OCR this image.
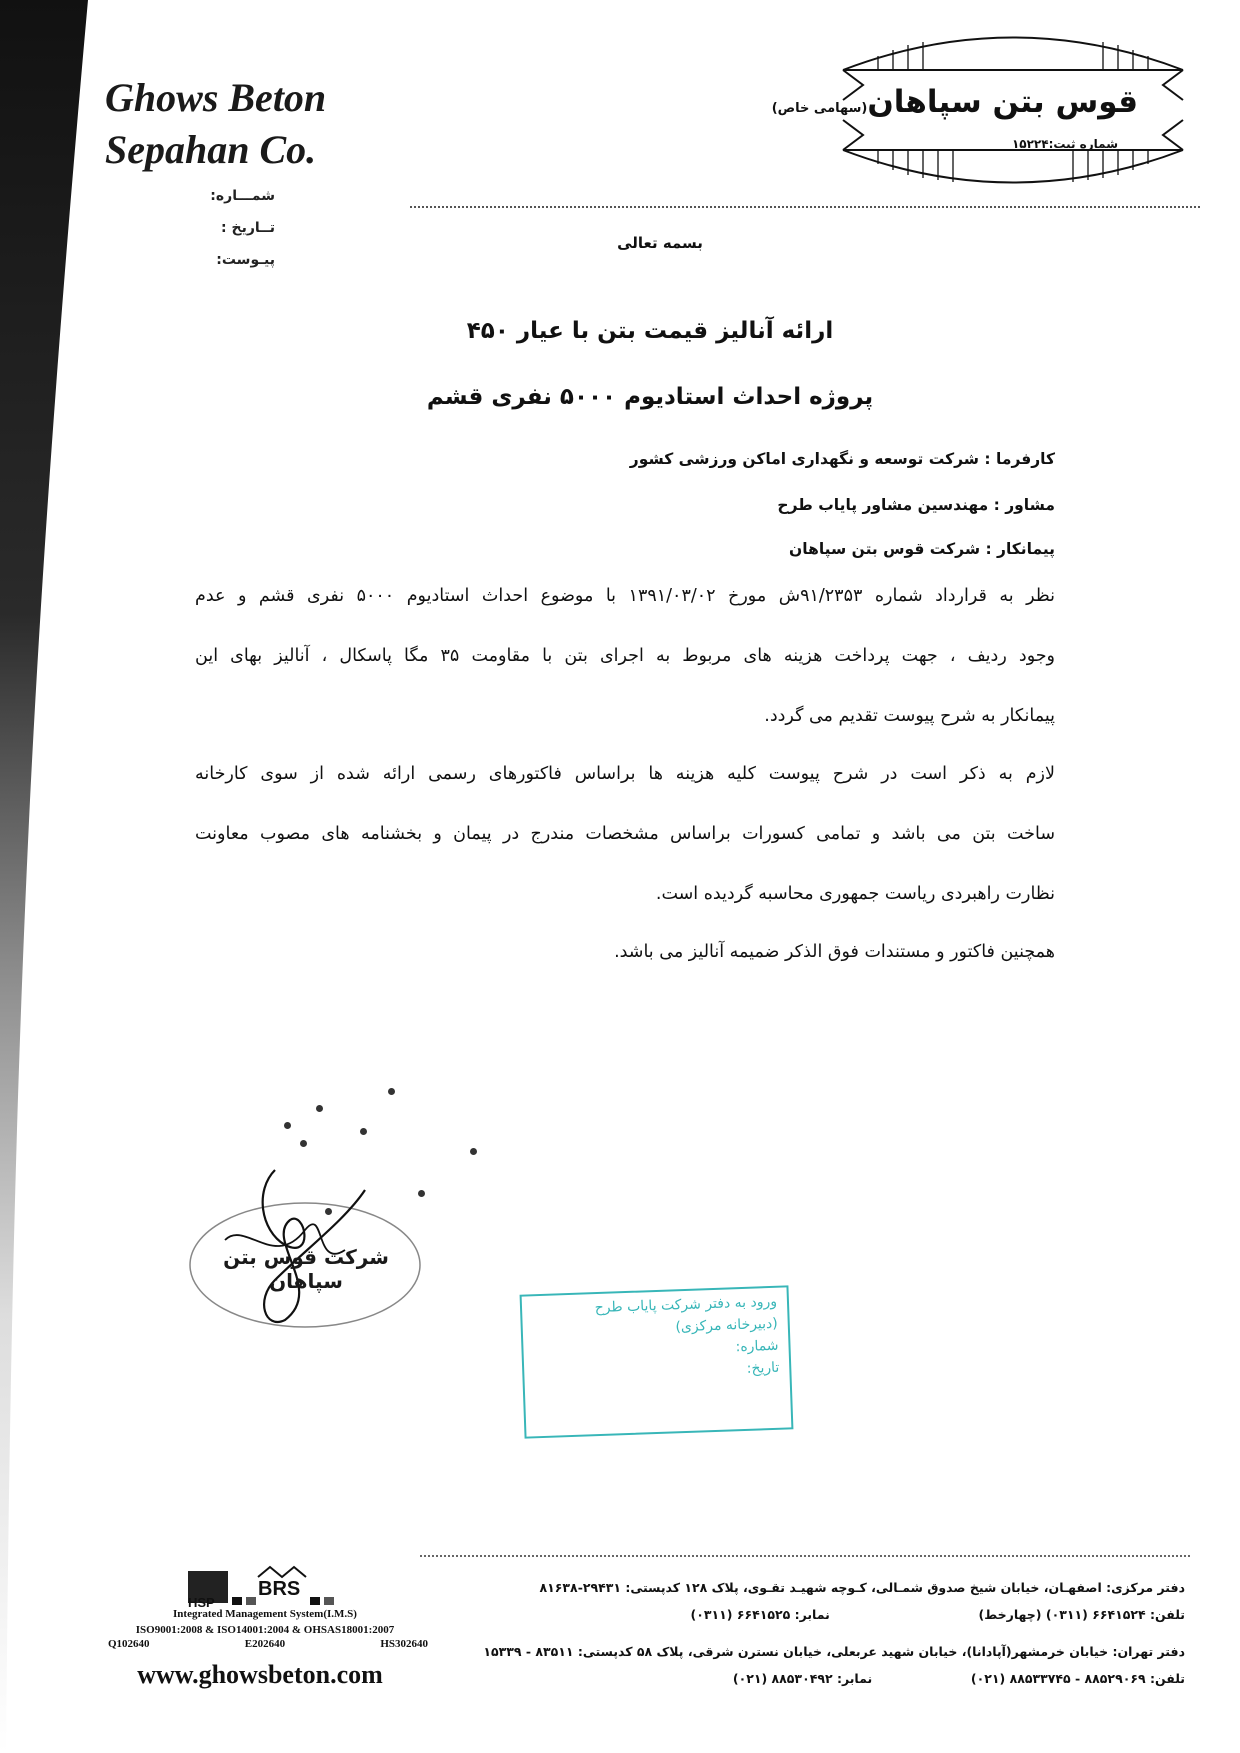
Ghows Beton
Sepahan Co.
شمـــاره:
تــاریخ :
پیـوست:
قوس بتن سپاهان(سهامی خاص)
شماره ثبت:۱۵۲۲۴
بسمه تعالی
ارائه آنالیز قیمت بتن با عیار ۴۵۰
پروژه احداث استادیوم ۵۰۰۰ نفری قشم
کارفرما : شرکت توسعه و نگهداری اماکن ورزشی کشور
مشاور : مهندسین مشاور پایاب طرح
پیمانکار : شرکت قوس بتن سپاهان
نظر به قرارداد شماره ۹۱/۲۳۵۳ش مورخ ۱۳۹۱/۰۳/۰۲ با موضوع احداث استادیوم ۵۰۰۰ نفری قشم و عدم
وجود ردیف ، جهت پرداخت هزینه های مربوط به اجرای بتن با مقاومت ۳۵ مگا پاسکال ، آنالیز بهای این
پیمانکار به شرح پیوست تقدیم می گردد.
لازم به ذکر است در شرح پیوست کلیه هزینه ها براساس فاکتورهای رسمی ارائه شده از سوی کارخانه
ساخت بتن می باشد و تمامی کسورات براساس مشخصات مندرج در پیمان و بخشنامه های مصوب معاونت
نظارت راهبردی ریاست جمهوری محاسبه گردیده است.
همچنین فاکتور و مستندات فوق الذکر ضمیمه آنالیز می باشد.
شرکت قوس بتن سپاهان
ورود به دفتر شرکت پایاب طرح
(دبیرخانه مرکزی)
شماره:
تاریخ:
دفتر مرکزی: اصفهـان، خیابان شیخ صدوق شمـالی، کـوچه شهیـد تقـوی، پلاک ۱۲۸ کدپستی: ۲۹۴۳۱-۸۱۶۳۸
تلفن: ۶۶۴۱۵۲۴ (۰۳۱۱) (چهارخط)  نمابر: ۶۶۴۱۵۲۵ (۰۳۱۱)
دفتر تهران: خیابان خرمشهر(آپادانا)، خیابان شهید عربعلی، خیابان نسترن شرقی، پلاک ۵۸ کدپستی: ۸۳۵۱۱ - ۱۵۳۳۹
تلفن: ۸۸۵۲۹۰۶۹ - ۸۸۵۳۳۷۴۵ (۰۲۱)  نمابر: ۸۸۵۳۰۴۹۲ (۰۲۱)
BRS
HSP
Integrated Management System(I.M.S)
ISO9001:2008 & ISO14001:2004 & OHSAS18001:2007
Q102640	E202640	HS302640
www.ghowsbeton.com
